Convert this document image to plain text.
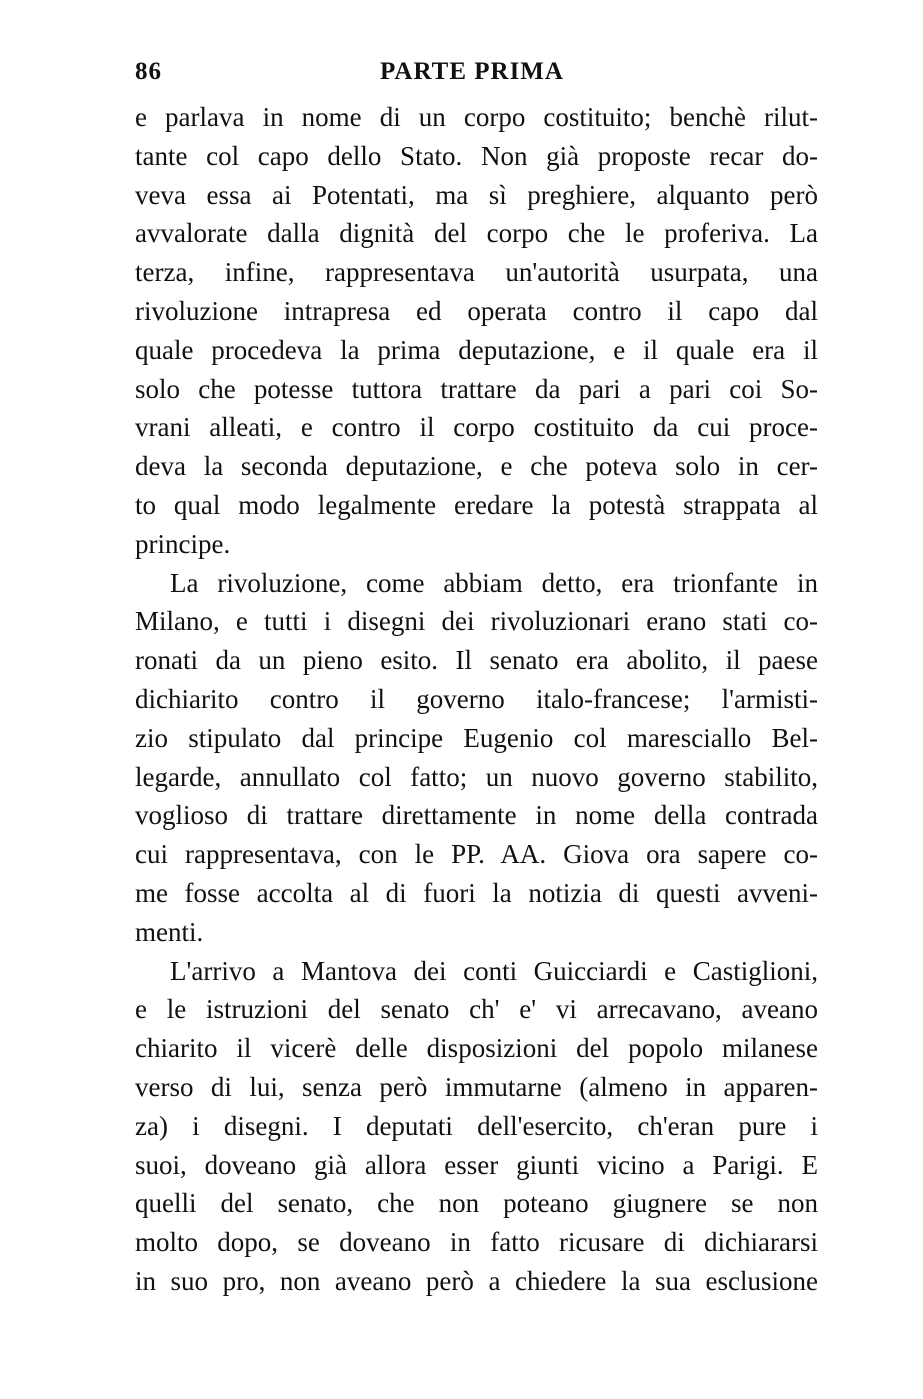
86	PARTE PRIMA
e parlava in nome di un corpo costituito; benchè rilut-
tante col capo dello Stato. Non già proposte recar do-
veva essa ai Potentati, ma sì preghiere, alquanto però
avvalorate dalla dignità del corpo che le proferiva. La
terza, infine, rappresentava un'autorità usurpata, una
rivoluzione intrapresa ed operata contro il capo dal
quale procedeva la prima deputazione, e il quale era il
solo che potesse tuttora trattare da pari a pari coi So-
vrani alleati, e contro il corpo costituito da cui proce-
deva la seconda deputazione, e che poteva solo in cer-
to qual modo legalmente eredare la potestà strappata al
principe.
La rivoluzione, come abbiam detto, era trionfante in
Milano, e tutti i disegni dei rivoluzionari erano stati co-
ronati da un pieno esito. Il senato era abolito, il paese
dichiarito contro il governo italo-francese; l'armisti-
zio stipulato dal principe Eugenio col maresciallo Bel-
legarde, annullato col fatto; un nuovo governo stabilito,
voglioso di trattare direttamente in nome della contrada
cui rappresentava, con le PP. AA. Giova ora sapere co-
me fosse accolta al di fuori la notizia di questi avveni-
menti.
L'arrivo a Mantova dei conti Guicciardi e Castiglioni,
e le istruzioni del senato ch' e' vi arrecavano, aveano
chiarito il vicerè delle disposizioni del popolo milanese
verso di lui, senza però immutarne (almeno in apparen-
za) i disegni. I deputati dell'esercito, ch'eran pure i
suoi, doveano già allora esser giunti vicino a Parigi. E
quelli del senato, che non poteano giugnere se non
molto dopo, se doveano in fatto ricusare di dichiararsi
in suo pro, non aveano però a chiedere la sua esclusione
